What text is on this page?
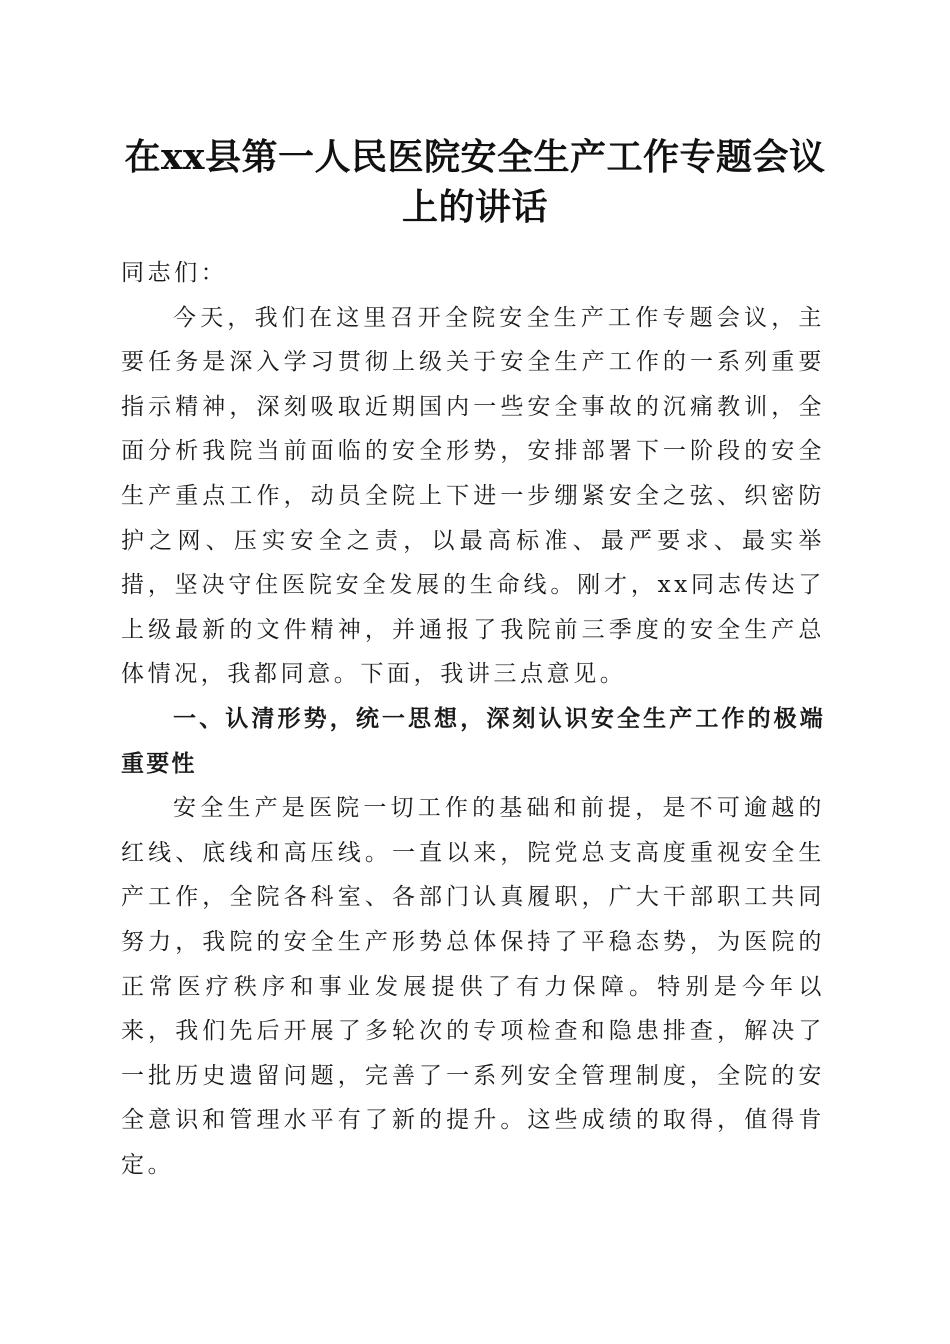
在xx县第一人民医院安全生产工作专题会议
上的讲话

同志们：

今天，我们在这里召开全院安全生产工作专题会议，主要任务是深入学习贯彻上级关于安全生产工作的一系列重要指示精神，深刻吸取近期国内一些安全事故的沉痛教训，全面分析我院当前面临的安全形势，安排部署下一阶段的安全生产重点工作，动员全院上下进一步绷紧安全之弦、织密防护之网、压实安全之责，以最高标准、最严要求、最实举措，坚决守住医院安全发展的生命线。刚才，xx同志传达了上级最新的文件精神，并通报了我院前三季度的安全生产总体情况，我都同意。下面，我讲三点意见。

一、认清形势，统一思想，深刻认识安全生产工作的极端重要性

安全生产是医院一切工作的基础和前提，是不可逾越的红线、底线和高压线。一直以来，院党总支高度重视安全生产工作，全院各科室、各部门认真履职，广大干部职工共同努力，我院的安全生产形势总体保持了平稳态势，为医院的正常医疗秩序和事业发展提供了有力保障。特别是今年以来，我们先后开展了多轮次的专项检查和隐患排查，解决了一批历史遗留问题，完善了一系列安全管理制度，全院的安全意识和管理水平有了新的提升。这些成绩的取得，值得肯定。
